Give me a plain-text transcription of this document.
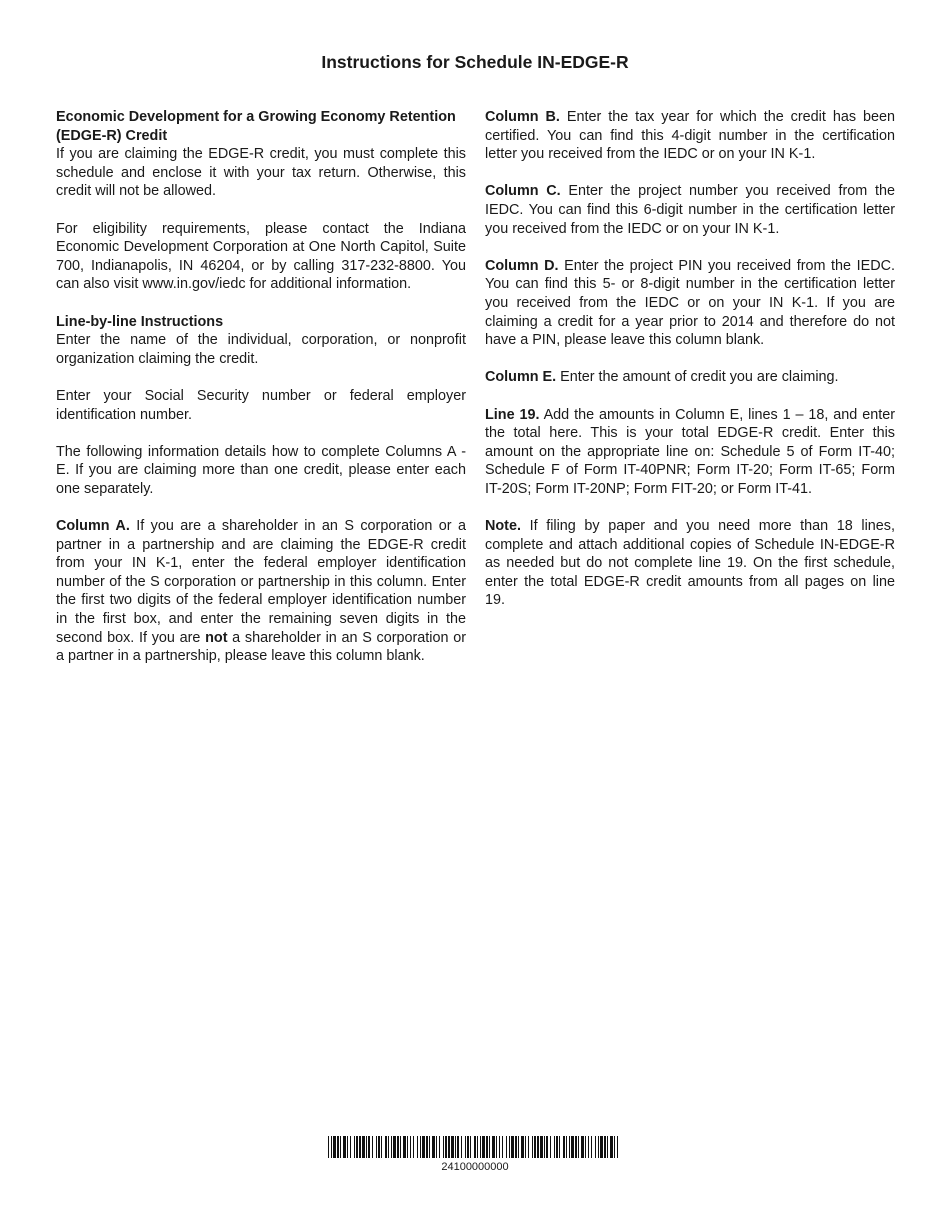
Instructions for Schedule IN-EDGE-R
Economic Development for a Growing Economy Retention (EDGE-R) Credit

If you are claiming the EDGE-R credit, you must complete this schedule and enclose it with your tax return. Otherwise, this credit will not be allowed.

For eligibility requirements, please contact the Indiana Economic Development Corporation at One North Capitol, Suite 700, Indianapolis, IN 46204, or by calling 317-232-8800. You can also visit www.in.gov/iedc for additional information.

Line-by-line Instructions

Enter the name of the individual, corporation, or nonprofit organization claiming the credit.

Enter your Social Security number or federal employer identification number.

The following information details how to complete Columns A - E. If you are claiming more than one credit, please enter each one separately.

Column A. If you are a shareholder in an S corporation or a partner in a partnership and are claiming the EDGE-R credit from your IN K-1, enter the federal employer identification number of the S corporation or partnership in this column. Enter the first two digits of the federal employer identification number in the first box, and enter the remaining seven digits in the second box. If you are not a shareholder in an S corporation or a partner in a partnership, please leave this column blank.

Column B. Enter the tax year for which the credit has been certified. You can find this 4-digit number in the certification letter you received from the IEDC or on your IN K-1.

Column C. Enter the project number you received from the IEDC. You can find this 6-digit number in the certification letter you received from the IEDC or on your IN K-1.

Column D. Enter the project PIN you received from the IEDC. You can find this 5- or 8-digit number in the certification letter you received from the IEDC or on your IN K-1. If you are claiming a credit for a year prior to 2014 and therefore do not have a PIN, please leave this column blank.

Column E. Enter the amount of credit you are claiming.

Line 19. Add the amounts in Column E, lines 1 – 18, and enter the total here. This is your total EDGE-R credit. Enter this amount on the appropriate line on: Schedule 5 of Form IT-40; Schedule F of Form IT-40PNR; Form IT-20; Form IT-65; Form IT-20S; Form IT-20NP; Form FIT-20; or Form IT-41.

Note. If filing by paper and you need more than 18 lines, complete and attach additional copies of Schedule IN-EDGE-R as needed but do not complete line 19. On the first schedule, enter the total EDGE-R credit amounts from all pages on line 19.

24100000000
